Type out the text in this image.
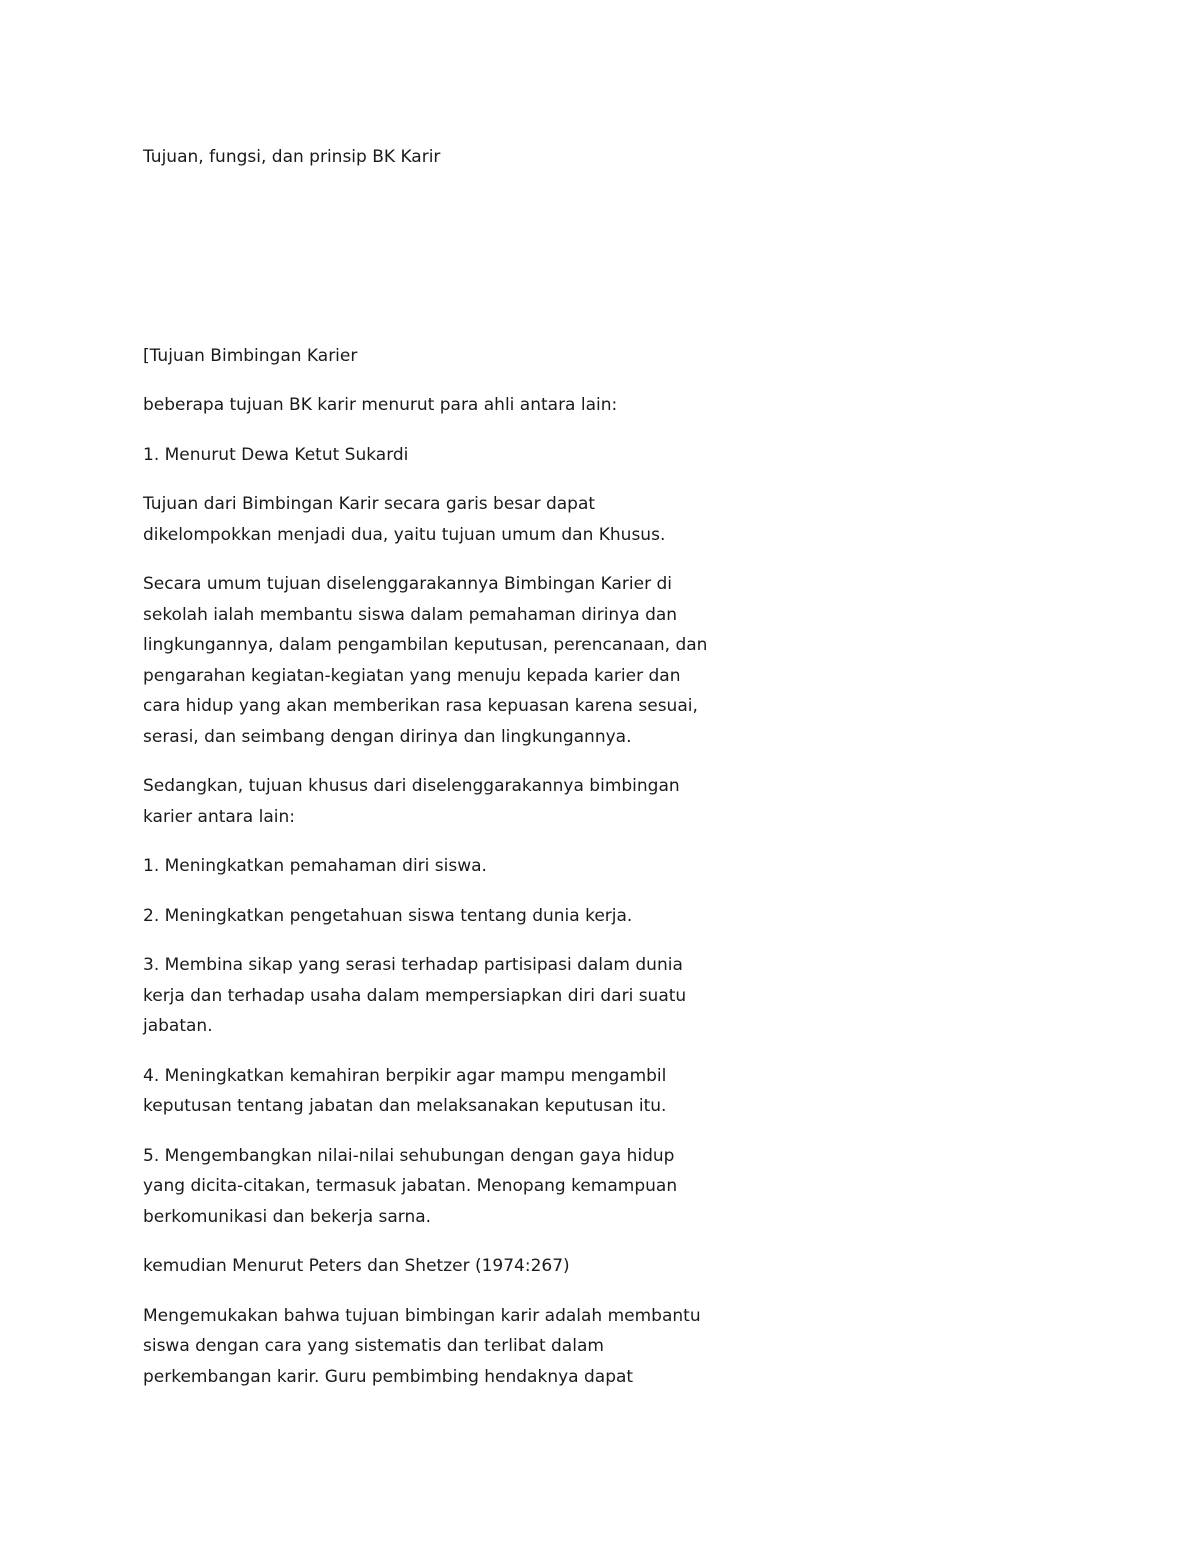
Tujuan, fungsi, dan prinsip BK Karir

[Tujuan Bimbingan Karier

beberapa tujuan BK karir menurut para ahli antara lain:

1. Menurut Dewa Ketut Sukardi

Tujuan dari Bimbingan Karir secara garis besar dapat

dikelompokkan menjadi dua, yaitu tujuan umum dan Khusus.

Secara umum tujuan diselenggarakannya Bimbingan Karier di

sekolah ialah membantu siswa dalam pemahaman dirinya dan

lingkungannya, dalam pengambilan keputusan, perencanaan, dan

pengarahan kegiatan-kegiatan yang menuju kepada karier dan

cara hidup yang akan memberikan rasa kepuasan karena sesuai,

serasi, dan seimbang dengan dirinya dan lingkungannya.

Sedangkan, tujuan khusus dari diselenggarakannya bimbingan

karier antara lain:

1. Meningkatkan pemahaman diri siswa.

2. Meningkatkan pengetahuan siswa tentang dunia kerja.

3. Membina sikap yang serasi terhadap partisipasi dalam dunia

kerja dan terhadap usaha dalam mempersiapkan diri dari suatu

jabatan.

4. Meningkatkan kemahiran berpikir agar mampu mengambil

keputusan tentang jabatan dan melaksanakan keputusan itu.

5. Mengembangkan nilai-nilai sehubungan dengan gaya hidup

yang dicita-citakan, termasuk jabatan. Menopang kemampuan

berkomunikasi dan bekerja sarna.

kemudian Menurut Peters dan Shetzer (1974:267)

Mengemukakan bahwa tujuan bimbingan karir adalah membantu

siswa dengan cara yang sistematis dan terlibat dalam

perkembangan karir. Guru pembimbing hendaknya dapat
